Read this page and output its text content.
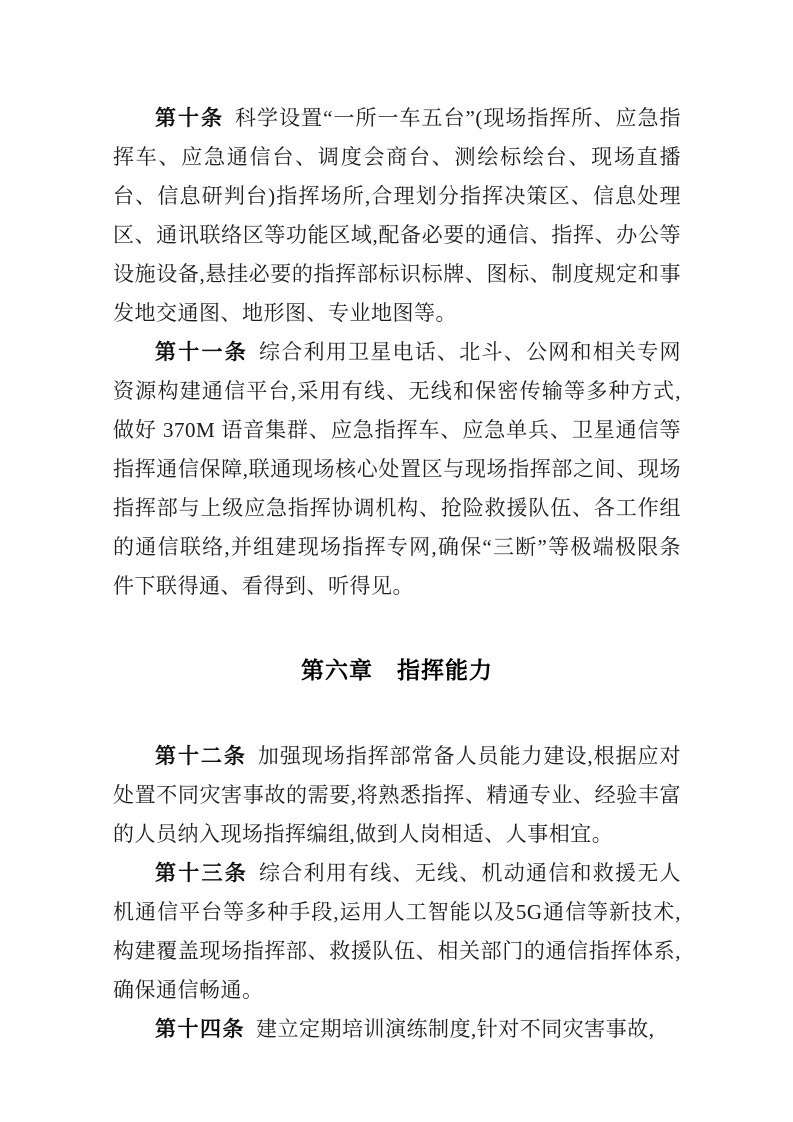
第十条 科学设置“一所一车五台”(现场指挥所、应急指挥车、应急通信台、调度会商台、测绘标绘台、现场直播台、信息研判台)指挥场所,合理划分指挥决策区、信息处理区、通讯联络区等功能区域,配备必要的通信、指挥、办公等设施设备,悬挂必要的指挥部标识标牌、图标、制度规定和事发地交通图、地形图、专业地图等。

第十一条 综合利用卫星电话、北斗、公网和相关专网资源构建通信平台,采用有线、无线和保密传输等多种方式,做好 370M 语音集群、应急指挥车、应急单兵、卫星通信等指挥通信保障,联通现场核心处置区与现场指挥部之间、现场指挥部与上级应急指挥协调机构、抢险救援队伍、各工作组的通信联络,并组建现场指挥专网,确保“三断”等极端极限条件下联得通、看得到、听得见。

第六章　指挥能力

第十二条 加强现场指挥部常备人员能力建设,根据应对处置不同灾害事故的需要,将熟悉指挥、精通专业、经验丰富的人员纳入现场指挥编组,做到人岗相适、人事相宜。

第十三条 综合利用有线、无线、机动通信和救援无人机通信平台等多种手段,运用人工智能以及5G通信等新技术,构建覆盖现场指挥部、救援队伍、相关部门的通信指挥体系,确保通信畅通。

第十四条 建立定期培训演练制度,针对不同灾害事故,
